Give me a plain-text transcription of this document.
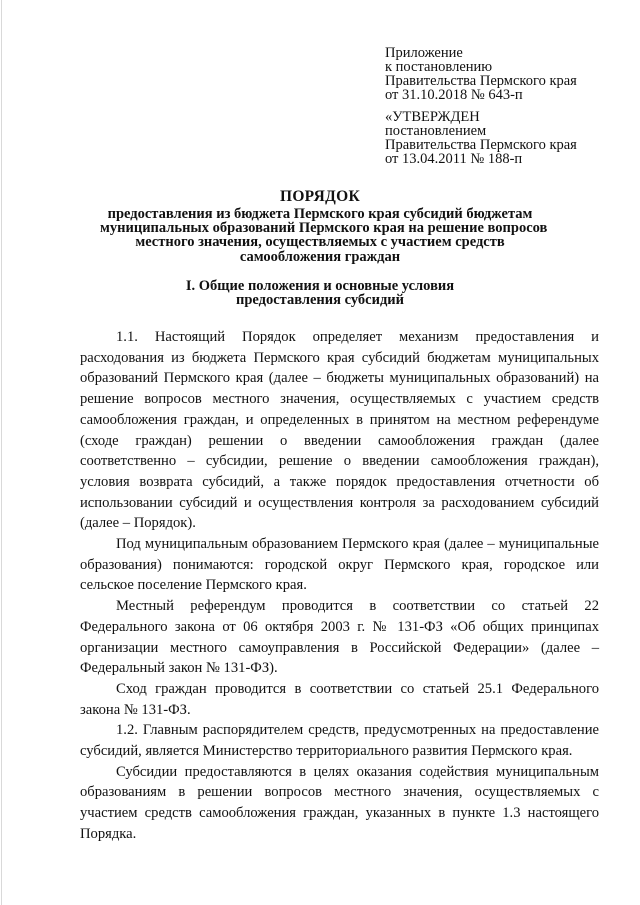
Приложение
к постановлению
Правительства Пермского края
от 31.10.2018 № 643-п
«УТВЕРЖДЕН
постановлением
Правительства Пермского края
от 13.04.2011 № 188-п
ПОРЯДОК
предоставления из бюджета Пермского края субсидий бюджетам
муниципальных образований Пермского края на решение вопросов
местного значения, осуществляемых с участием средств
самообложения граждан
I. Общие положения и основные условия
предоставления субсидий

1.1. Настоящий Порядок определяет механизм предоставления и расходования из бюджета Пермского края субсидий бюджетам муниципальных образований Пермского края (далее – бюджеты муниципальных образований) на решение вопросов местного значения, осуществляемых с участием средств самообложения граждан, и определенных в принятом на местном референдуме (сходе граждан) решении о введении самообложения граждан (далее соответственно – субсидии, решение о введении самообложения граждан), условия возврата субсидий, а также порядок предоставления отчетности об использовании субсидий и осуществления контроля за расходованием субсидий (далее – Порядок).

Под муниципальным образованием Пермского края (далее – муниципальные образования) понимаются: городской округ Пермского края, городское или сельское поселение Пермского края.

Местный референдум проводится в соответствии со статьей 22 Федерального закона от 06 октября 2003 г. № 131-ФЗ «Об общих принципах организации местного самоуправления в Российской Федерации» (далее – Федеральный закон № 131-ФЗ).

Сход граждан проводится в соответствии со статьей 25.1 Федерального закона № 131-ФЗ.

1.2. Главным распорядителем средств, предусмотренных на предоставление субсидий, является Министерство территориального развития Пермского края.

Субсидии предоставляются в целях оказания содействия муниципальным образованиям в решении вопросов местного значения, осуществляемых с участием средств самообложения граждан, указанных в пункте 1.3 настоящего Порядка.
